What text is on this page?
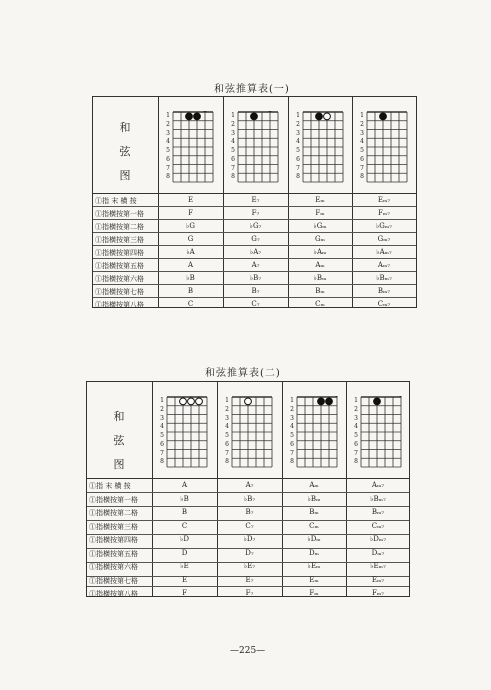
和弦推算表(一)
和
弦
图
1
2
3
4
5
6
7
8
1
2
3
4
5
6
7
8
1
2
3
4
5
6
7
8
1
2
3
4
5
6
7
8
①指 末 横 按	E	E₇	Eₘ	Eₘ₇
①指横按第一格	F	F₇	Fₘ	Fₘ₇
①指横按第二格	♭G	♭G₇	♭Gₘ	♭Gₘ₇
①指横按第三格	G	G₇	Gₘ	Gₘ₇
①指横按第四格	♭A	♭A₇	♭Aₘ	♭Aₘ₇
①指横按第五格	A	A₇	Aₘ	Aₘ₇
①指横按第六格	♭B	♭B₇	♭Bₘ	♭Bₘ₇
①指横按第七格	B	B₇	Bₘ	Bₘ₇
①指横按第八格	C	C₇	Cₘ	Cₘ₇
和弦推算表(二)
和
弦
图
1
2
3
4
5
6
7
8
1
2
3
4
5
6
7
8
1
2
3
4
5
6
7
8
1
2
3
4
5
6
7
8
①指 末 横 按	A	A₇	Aₘ	Aₘ₇
①指横按第一格	♭B	♭B₇	♭Bₘ	♭Bₘ₇
①指横按第二格	B	B₇	Bₘ	Bₘ₇
①指横按第三格	C	C₇	Cₘ	Cₘ₇
①指横按第四格	♭D	♭D₇	♭Dₘ	♭Dₘ₇
①指横按第五格	D	D₇	Dₘ	Dₘ₇
①指横按第六格	♭E	♭E₇	♭Eₘ	♭Eₘ₇
①指横按第七格	E	E₇	Eₘ	Eₘ₇
①指横按第八格	F	F₇	Fₘ	Fₘ₇
—225—
